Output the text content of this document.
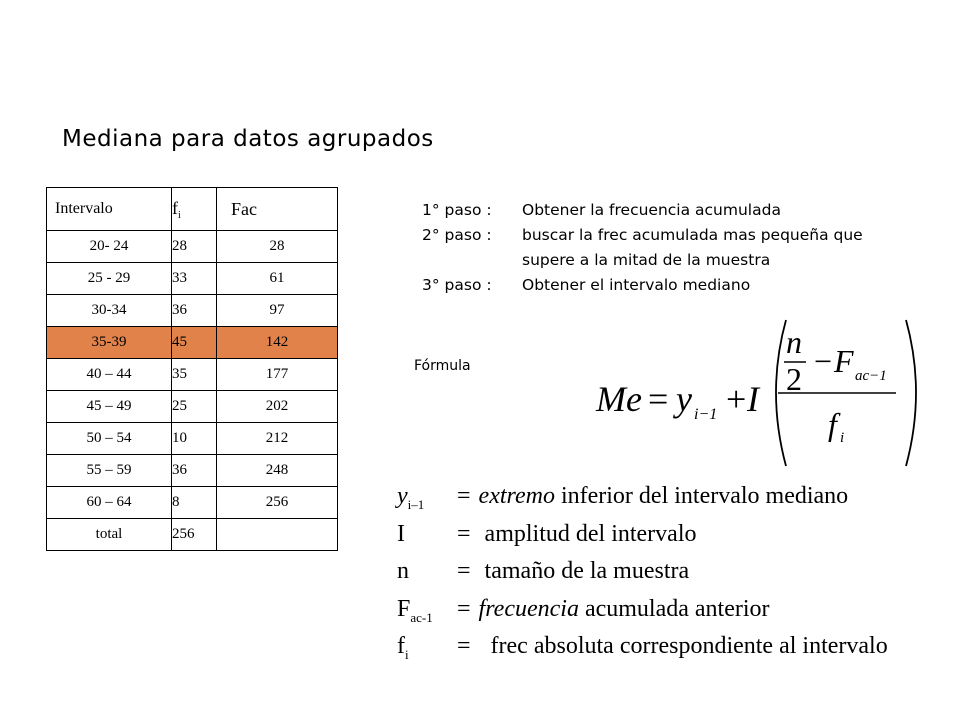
Mediana para datos agrupados
Intervalo	$f_i$	Fac
20- 24	28	28
25 - 29	33	61
30-34	36	97
35-39	45	142
40 – 44	35	177
45 – 49	25	202
50 – 54	10	212
55 – 59	36	248
60 – 64	8	256
total	256	
1° paso : Obtener la frecuencia acumulada
2° paso : buscar la frec acumulada mas pequeña que
supere a la mitad de la muestra
3° paso : Obtener el intervalo mediano
Fórmula
Me = y i−1 + I
n
2 − F ac−1
f i
$y_{i-1}$ = extremo inferior del intervalo mediano
I = amplitud del intervalo
n = tamaño de la muestra
$F_{ac-1}$ = frecuencia acumulada anterior
$f_i$ =  frec absoluta correspondiente al intervalo
